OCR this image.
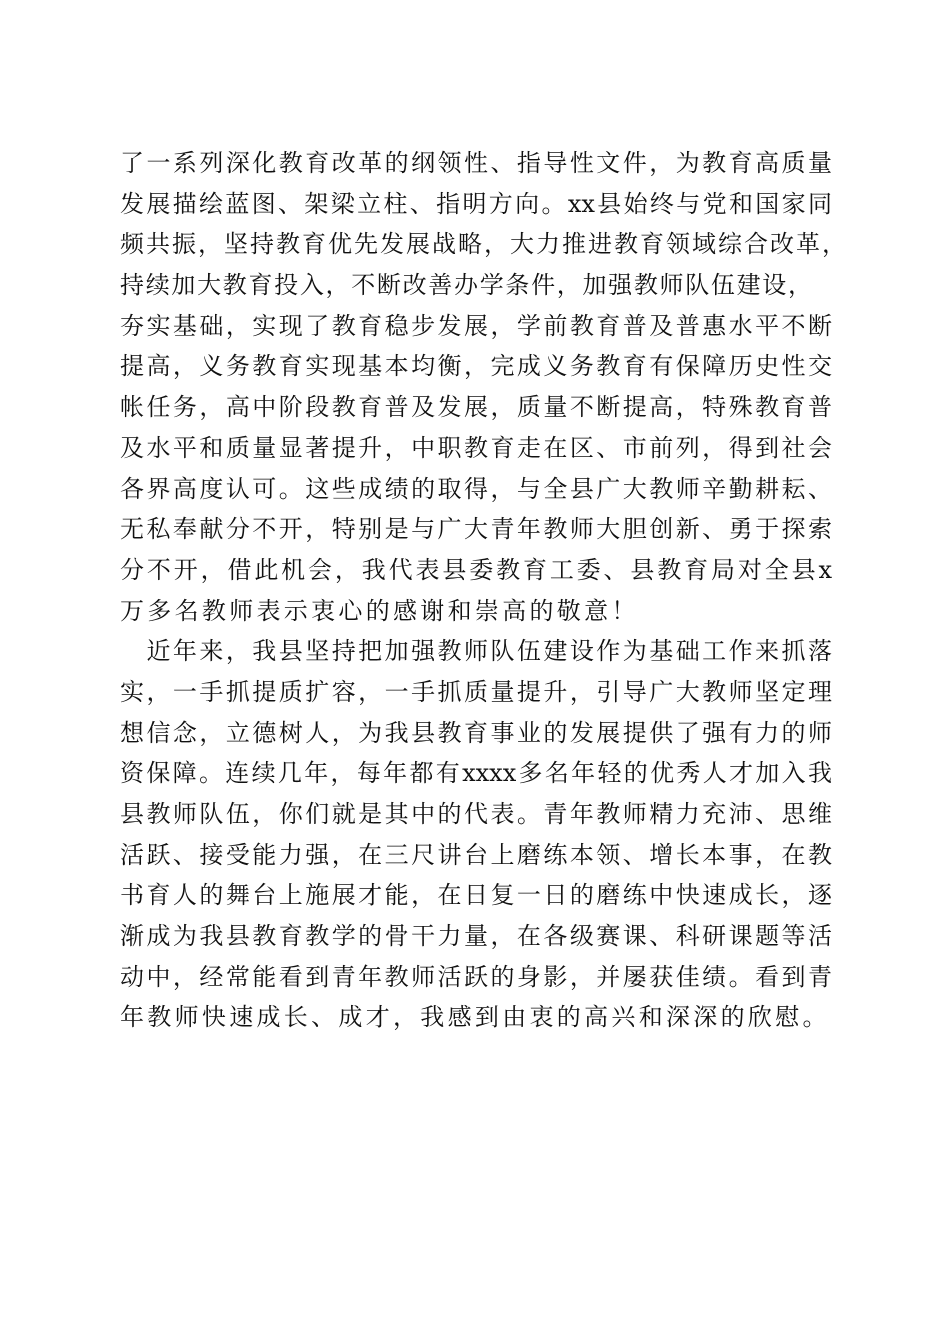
了一系列深化教育改革的纲领性、指导性文件，为教育高质量
发展描绘蓝图、架梁立柱、指明方向。xx县始终与党和国家同
频共振，坚持教育优先发展战略，大力推进教育领域综合改革，
持续加大教育投入，不断改善办学条件，加强教师队伍建设，
夯实基础，实现了教育稳步发展，学前教育普及普惠水平不断
提高，义务教育实现基本均衡，完成义务教育有保障历史性交
帐任务，高中阶段教育普及发展，质量不断提高，特殊教育普
及水平和质量显著提升，中职教育走在区、市前列，得到社会
各界高度认可。这些成绩的取得，与全县广大教师辛勤耕耘、
无私奉献分不开，特别是与广大青年教师大胆创新、勇于探索
分不开，借此机会，我代表县委教育工委、县教育局对全县x
万多名教师表示衷心的感谢和崇高的敬意！
　近年来，我县坚持把加强教师队伍建设作为基础工作来抓落
实，一手抓提质扩容，一手抓质量提升，引导广大教师坚定理
想信念，立德树人，为我县教育事业的发展提供了强有力的师
资保障。连续几年，每年都有xxxx多名年轻的优秀人才加入我
县教师队伍，你们就是其中的代表。青年教师精力充沛、思维
活跃、接受能力强，在三尺讲台上磨练本领、增长本事，在教
书育人的舞台上施展才能，在日复一日的磨练中快速成长，逐
渐成为我县教育教学的骨干力量，在各级赛课、科研课题等活
动中，经常能看到青年教师活跃的身影，并屡获佳绩。看到青
年教师快速成长、成才，我感到由衷的高兴和深深的欣慰。
